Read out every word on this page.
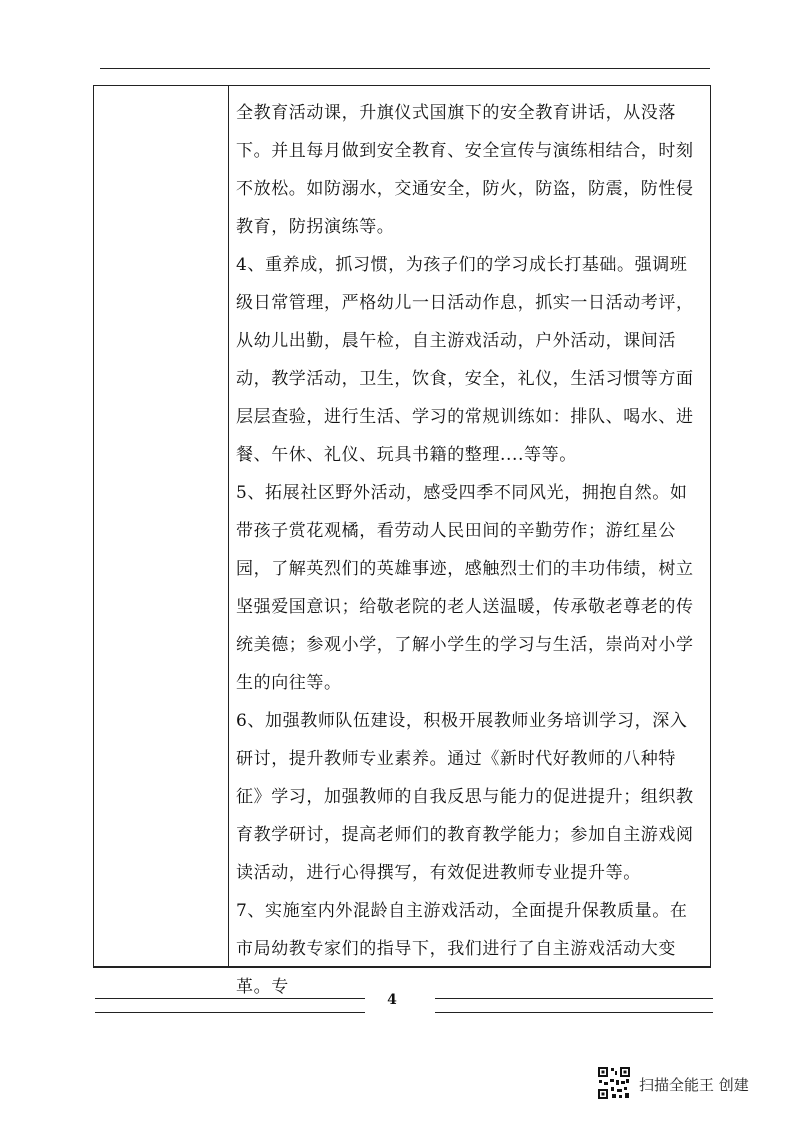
全教育活动课，升旗仪式国旗下的安全教育讲话，从没落下。并且每月做到安全教育、安全宣传与演练相结合，时刻不放松。如防溺水，交通安全，防火，防盗，防震，防性侵教育，防拐演练等。

4、重养成，抓习惯，为孩子们的学习成长打基础。强调班级日常管理，严格幼儿一日活动作息，抓实一日活动考评，从幼儿出勤，晨午检，自主游戏活动，户外活动，课间活动，教学活动，卫生，饮食，安全，礼仪，生活习惯等方面层层查验，进行生活、学习的常规训练如：排队、喝水、进餐、午休、礼仪、玩具书籍的整理....等等。

5、拓展社区野外活动，感受四季不同风光，拥抱自然。如带孩子赏花观橘，看劳动人民田间的辛勤劳作；游红星公园，了解英烈们的英雄事迹，感触烈士们的丰功伟绩，树立坚强爱国意识；给敬老院的老人送温暖，传承敬老尊老的传统美德；参观小学，了解小学生的学习与生活，崇尚对小学生的向往等。

6、加强教师队伍建设，积极开展教师业务培训学习，深入研讨，提升教师专业素养。通过《新时代好教师的八种特征》学习，加强教师的自我反思与能力的促进提升；组织教育教学研讨，提高老师们的教育教学能力；参加自主游戏阅读活动，进行心得撰写，有效促进教师专业提升等。

7、实施室内外混龄自主游戏活动，全面提升保教质量。在市局幼教专家们的指导下，我们进行了自主游戏活动大变革。专

4
扫描全能王 创建
